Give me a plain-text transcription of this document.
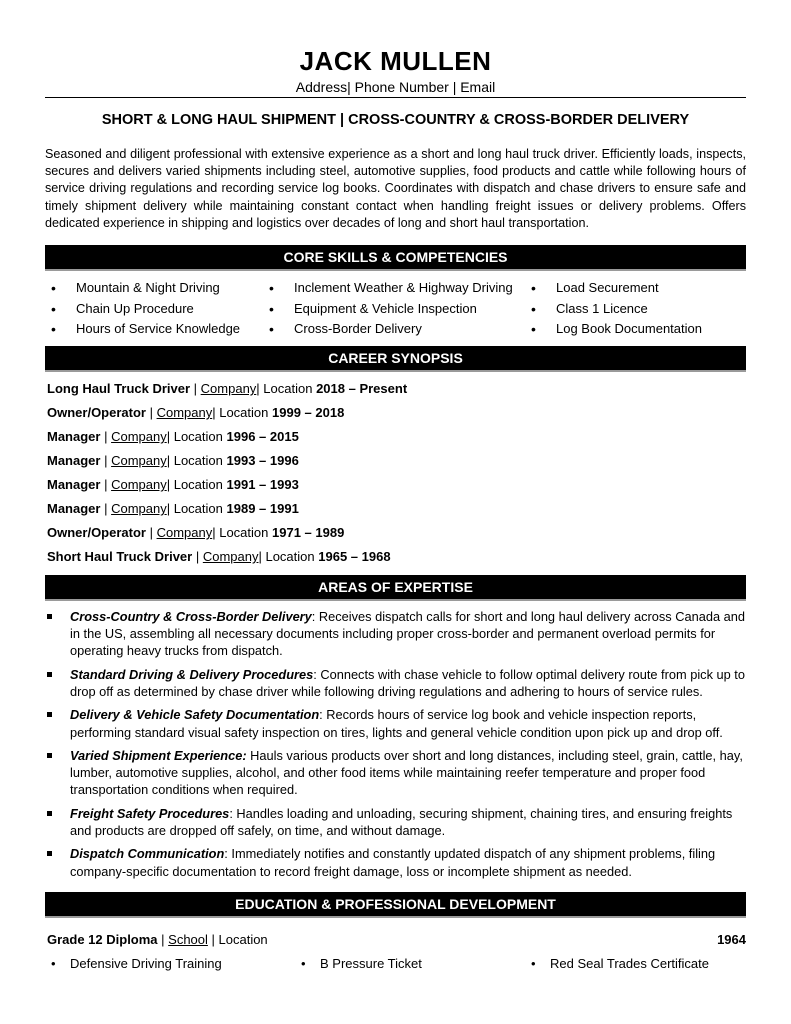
JACK MULLEN
Address| Phone Number | Email
SHORT & LONG HAUL SHIPMENT | CROSS-COUNTRY & CROSS-BORDER DELIVERY

Seasoned and diligent professional with extensive experience as a short and long haul truck driver. Efficiently loads, inspects, secures and delivers varied shipments including steel, automotive supplies, food products and cattle while following hours of service driving regulations and recording service log books. Coordinates with dispatch and chase drivers to ensure safe and timely shipment delivery while maintaining constant contact when handling freight issues or delivery problems. Offers dedicated experience in shipping and logistics over decades of long and short haul transportation.

CORE SKILLS & COMPETENCIES
• Mountain & Night Driving
• Chain Up Procedure
• Hours of Service Knowledge
• Inclement Weather & Highway Driving
• Equipment & Vehicle Inspection
• Cross-Border Delivery
• Load Securement
• Class 1 Licence
• Log Book Documentation
CAREER SYNOPSIS
Long Haul Truck Driver | Company| Location 2018 – Present
Owner/Operator | Company| Location 1999 – 2018
Manager | Company| Location 1996 – 2015
Manager | Company| Location 1993 – 1996
Manager | Company| Location 1991 – 1993
Manager | Company| Location 1989 – 1991
Owner/Operator | Company| Location 1971 – 1989
Short Haul Truck Driver | Company| Location 1965 – 1968
AREAS OF EXPERTISE
Cross-Country & Cross-Border Delivery: Receives dispatch calls for short and long haul delivery across Canada and in the US, assembling all necessary documents including proper cross-border and permanent overload permits for operating heavy trucks from dispatch.
Standard Driving & Delivery Procedures: Connects with chase vehicle to follow optimal delivery route from pick up to drop off as determined by chase driver while following driving regulations and adhering to hours of service rules.
Delivery & Vehicle Safety Documentation: Records hours of service log book and vehicle inspection reports, performing standard visual safety inspection on tires, lights and general vehicle condition upon pick up and drop off.
Varied Shipment Experience: Hauls various products over short and long distances, including steel, grain, cattle, hay, lumber, automotive supplies, alcohol, and other food items while maintaining reefer temperature and proper food transportation conditions when required.
Freight Safety Procedures: Handles loading and unloading, securing shipment, chaining tires, and ensuring freights and products are dropped off safely, on time, and without damage.
Dispatch Communication: Immediately notifies and constantly updated dispatch of any shipment problems, filing company-specific documentation to record freight damage, loss or incomplete shipment as needed.
EDUCATION & PROFESSIONAL DEVELOPMENT
Grade 12 Diploma | School | Location	1964
• Defensive Driving Training	• B Pressure Ticket	• Red Seal Trades Certificate
